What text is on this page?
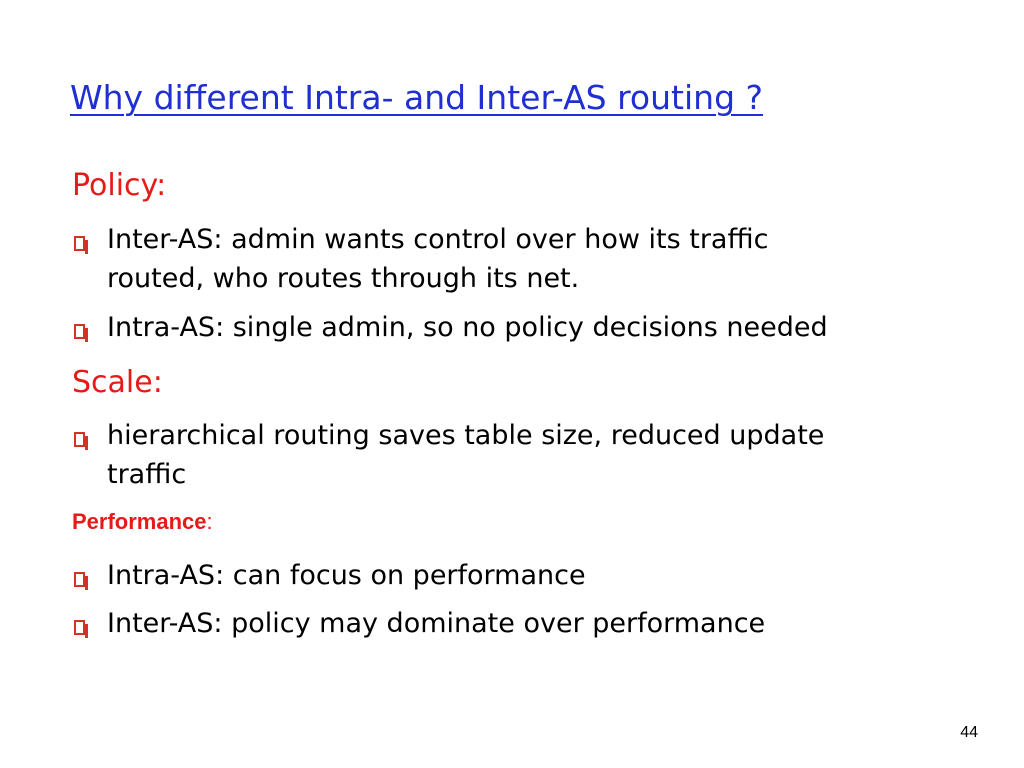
Why different Intra- and Inter-AS routing ?
Policy:
Inter-AS: admin wants control over how its traffic
routed, who routes through its net.
Intra-AS: single admin, so no policy decisions needed
Scale:
hierarchical routing saves table size, reduced update
traffic
Performance:
Intra-AS: can focus on performance
Inter-AS: policy may dominate over performance
44
